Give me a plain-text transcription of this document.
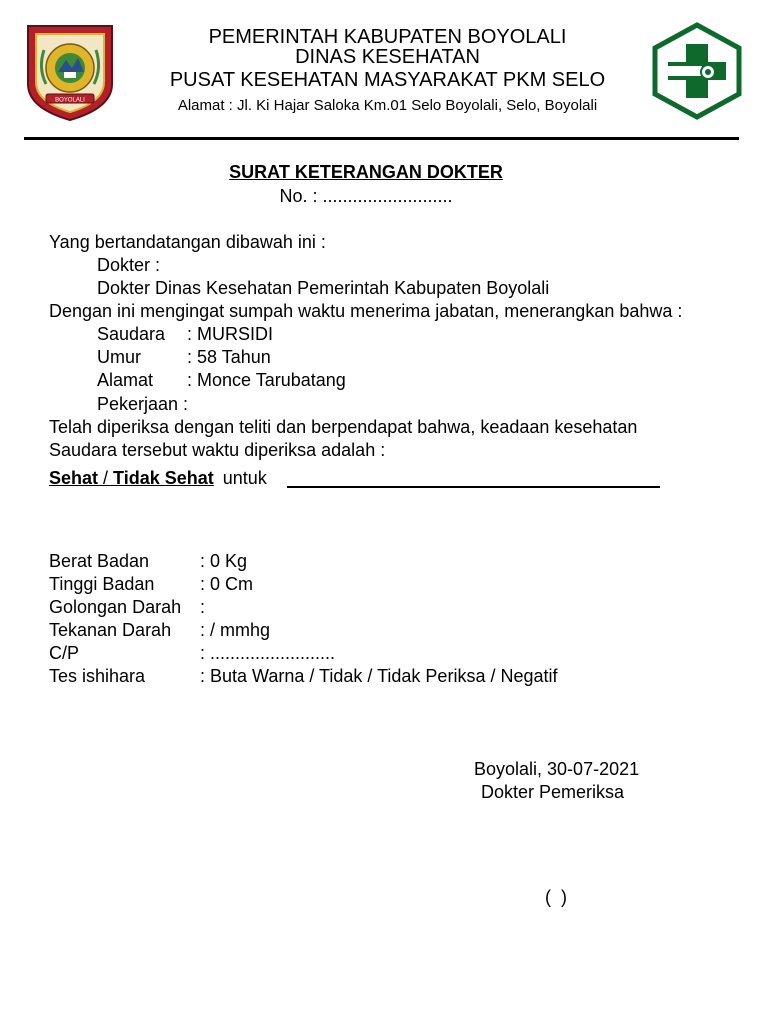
BOYOLALI
PEMERINTAH KABUPATEN BOYOLALI
DINAS KESEHATAN
PUSAT KESEHATAN MASYARAKAT PKM SELO
Alamat : Jl. Ki Hajar Saloka Km.01 Selo Boyolali, Selo, Boyolali
SURAT KETERANGAN DOKTER
No. : ..........................
Yang bertandatangan dibawah ini :
Dokter :
Dokter Dinas Kesehatan Pemerintah Kabupaten Boyolali
Dengan ini mengingat sumpah waktu menerima jabatan, menerangkan bahwa :
Saudara : MURSIDI
Umur	: 58 Tahun
Alamat : Monce Tarubatang
Pekerjaan :
Telah diperiksa dengan teliti dan berpendapat bahwa, keadaan kesehatan
Saudara tersebut waktu diperiksa adalah :
Sehat / Tidak Sehat untuk
Berat Badan	: 0 Kg
Tinggi Badan	: 0 Cm
Golongan Darah :
Tekanan Darah : / mmhg
C/P	: .........................
Tes ishihara	: Buta Warna / Tidak / Tidak Periksa / Negatif
Boyolali, 30-07-2021
Dokter Pemeriksa
(  )
